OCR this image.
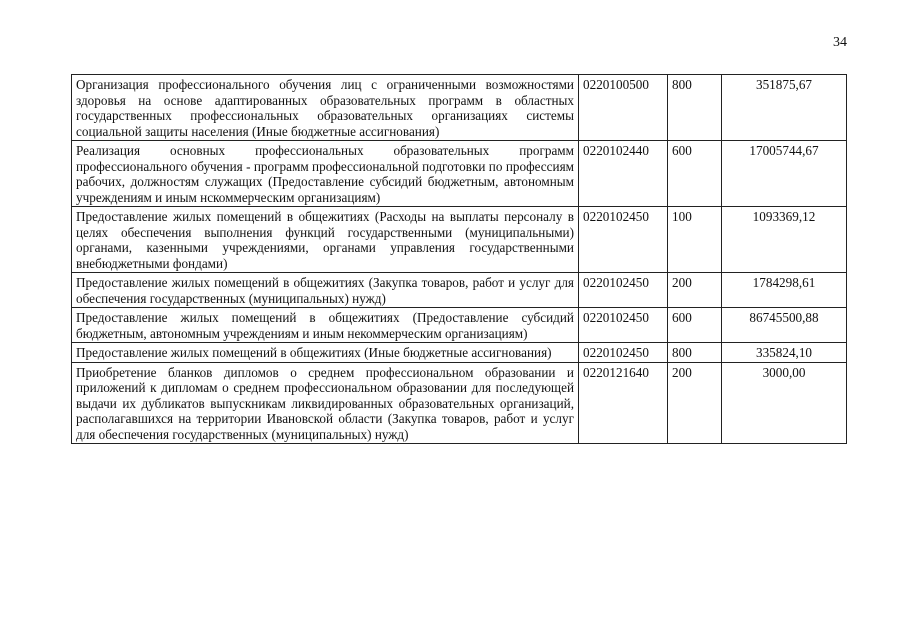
34
Организация профессионального обучения лиц с ограниченными возможностями здоровья на основе адаптированных образовательных программ в областных государственных профессиональных образовательных организациях системы социальной защиты населения (Иные бюджетные ассигнования)	0220100500	800	351875,67
Реализация основных профессиональных образовательных программ профессионального обучения - программ профессиональной подготовки по профессиям рабочих, должностям служащих (Предоставление субсидий бюджетным, автономным учреждениям и иным нскоммерческим организациям)	0220102440	600	17005744,67
Предоставление жилых помещений в общежитиях (Расходы на выплаты персоналу в целях обеспечения выполнения функций государственными (муниципальными) органами, казенными учреждениями, органами управления государственными внебюджетными фондами)	0220102450	100	1093369,12
Предоставление жилых помещений в общежитиях (Закупка товаров, работ и услуг для обеспечения государственных (муниципальных) нужд)	0220102450	200	1784298,61
Предоставление жилых помещений в общежитиях (Предоставление субсидий бюджетным, автономным учреждениям и иным некоммерческим организациям)	0220102450	600	86745500,88
Предоставление жилых помещений в общежитиях (Иные бюджетные ассигнования)	0220102450	800	335824,10
Приобретение бланков дипломов о среднем профессиональном образовании и приложений к дипломам о среднем профессиональном образовании для последующей выдачи их дубликатов выпускникам ликвидированных образовательных организаций, располагавшихся на территории Ивановской области (Закупка товаров, работ и услуг для обеспечения государственных (муниципальных) нужд)	0220121640	200	3000,00
